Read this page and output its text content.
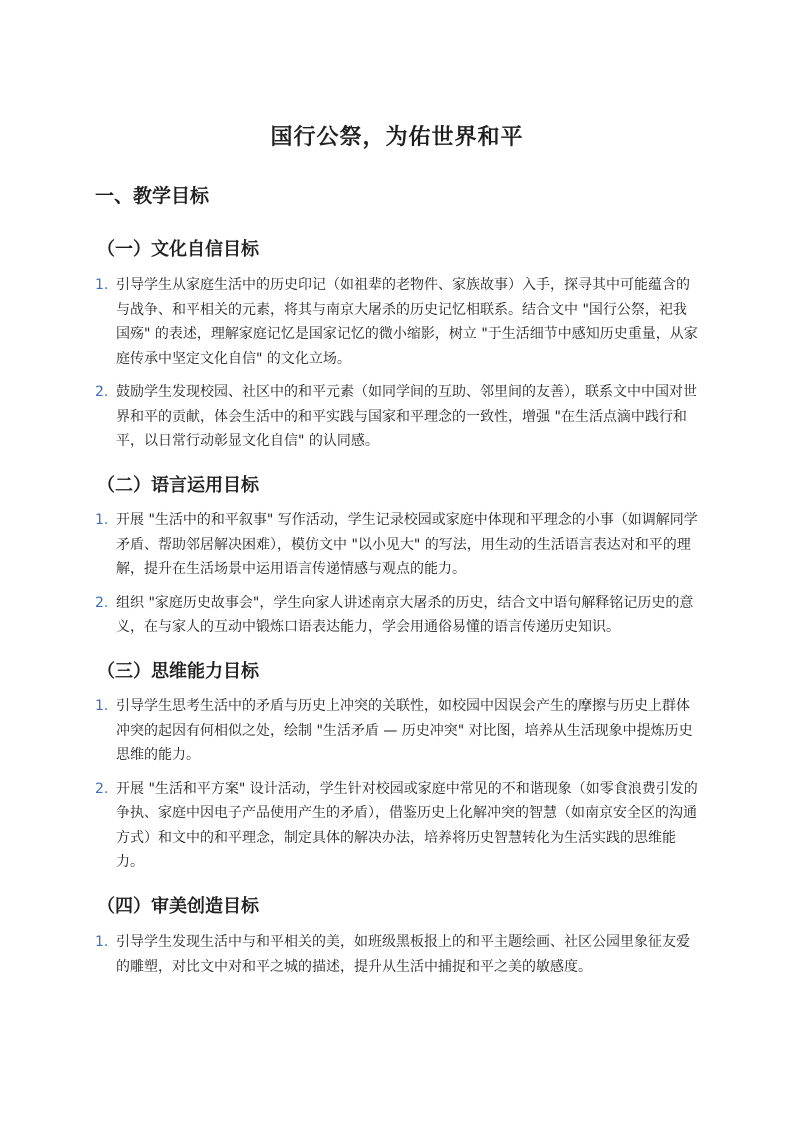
国行公祭，为佑世界和平
一、教学目标
（一）文化自信目标
1. 引导学生从家庭生活中的历史印记（如祖辈的老物件、家族故事）入手，探寻其中可能蕴含的与战争、和平相关的元素，将其与南京大屠杀的历史记忆相联系。结合文中 "国行公祭，祀我国殇" 的表述，理解家庭记忆是国家记忆的微小缩影，树立 "于生活细节中感知历史重量，从家庭传承中坚定文化自信" 的文化立场。
2. 鼓励学生发现校园、社区中的和平元素（如同学间的互助、邻里间的友善），联系文中中国对世界和平的贡献，体会生活中的和平实践与国家和平理念的一致性，增强 "在生活点滴中践行和平，以日常行动彰显文化自信" 的认同感。
（二）语言运用目标
1. 开展 "生活中的和平叙事" 写作活动，学生记录校园或家庭中体现和平理念的小事（如调解同学矛盾、帮助邻居解决困难），模仿文中 "以小见大" 的写法，用生动的生活语言表达对和平的理解，提升在生活场景中运用语言传递情感与观点的能力。
2. 组织 "家庭历史故事会"，学生向家人讲述南京大屠杀的历史，结合文中语句解释铭记历史的意义，在与家人的互动中锻炼口语表达能力，学会用通俗易懂的语言传递历史知识。
（三）思维能力目标
1. 引导学生思考生活中的矛盾与历史上冲突的关联性，如校园中因误会产生的摩擦与历史上群体冲突的起因有何相似之处，绘制 "生活矛盾 — 历史冲突" 对比图，培养从生活现象中提炼历史思维的能力。
2. 开展 "生活和平方案" 设计活动，学生针对校园或家庭中常见的不和谐现象（如零食浪费引发的争执、家庭中因电子产品使用产生的矛盾），借鉴历史上化解冲突的智慧（如南京安全区的沟通方式）和文中的和平理念，制定具体的解决办法，培养将历史智慧转化为生活实践的思维能力。
（四）审美创造目标
1. 引导学生发现生活中与和平相关的美，如班级黑板报上的和平主题绘画、社区公园里象征友爱的雕塑，对比文中对和平之城的描述，提升从生活中捕捉和平之美的敏感度。
